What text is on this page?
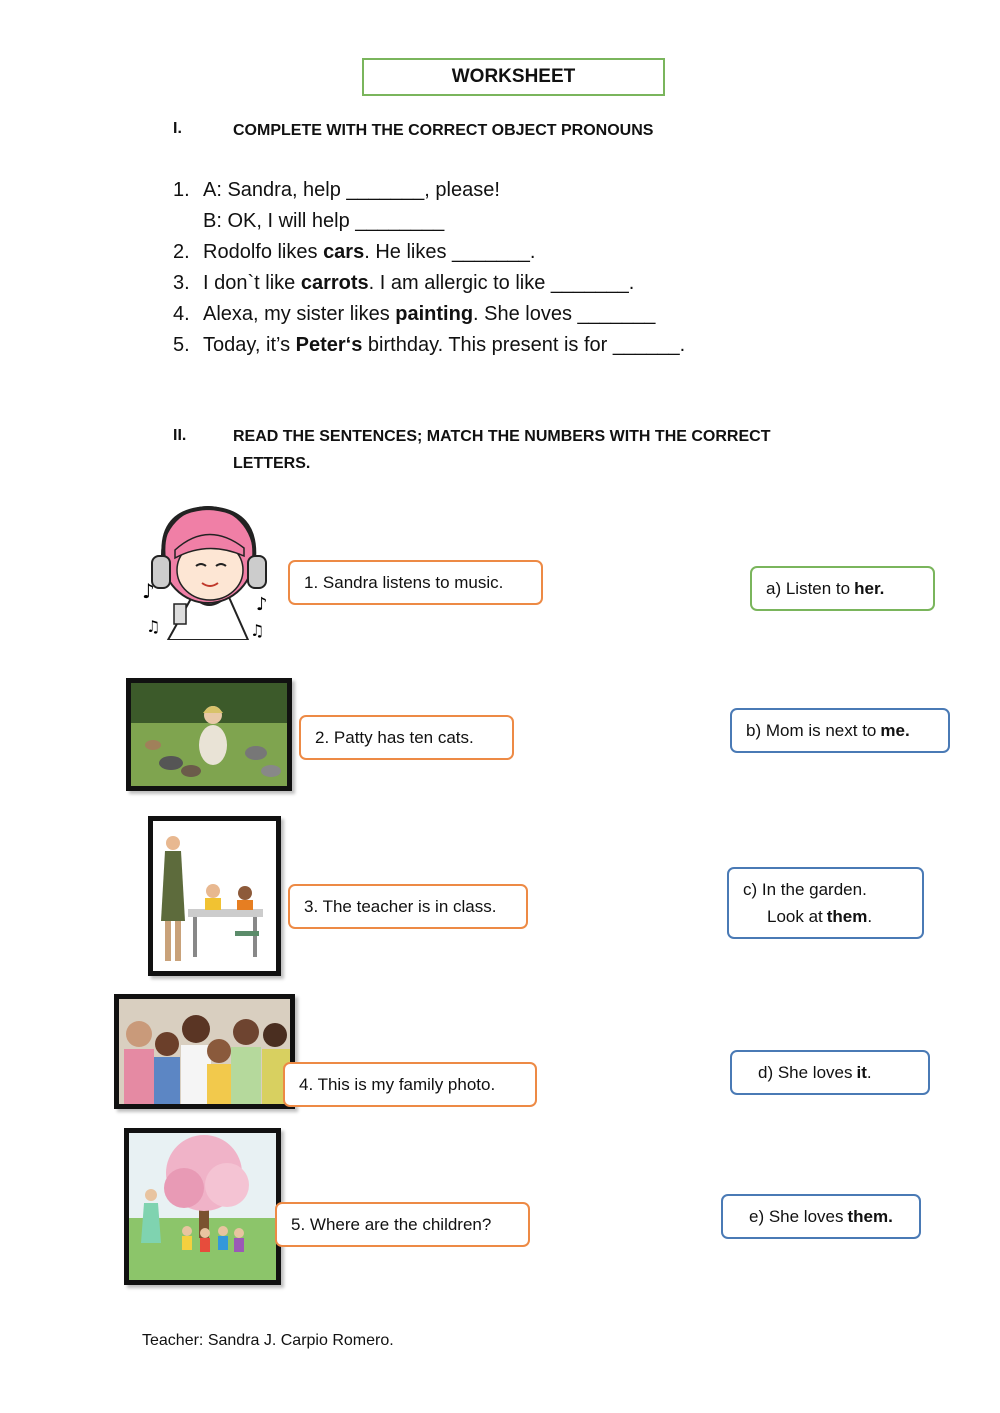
WORKSHEET
I.	COMPLETE WITH THE CORRECT OBJECT PRONOUNS
1. A: Sandra, help _______, please!
B: OK, I will help ________
2. Rodolfo likes cars. He likes _______.
3. I don`t like carrots. I am allergic to like _______.
4. Alexa, my sister likes painting. She loves _______
5. Today, it’s Peter‘s birthday. This present is for ______.
II.	READ THE SENTENCES; MATCH THE NUMBERS WITH THE CORRECT
LETTERS.
♪
♫
♪
♫
1. Sandra listens to music.
2. Patty has ten cats.
3. The teacher is in class.
4. This is my family photo.
5. Where are the children?
a) Listen to her.
b) Mom is next to me.
c) In the garden.
Look at them.
d) She loves it .
e) She loves them.
Teacher: Sandra J. Carpio Romero.
